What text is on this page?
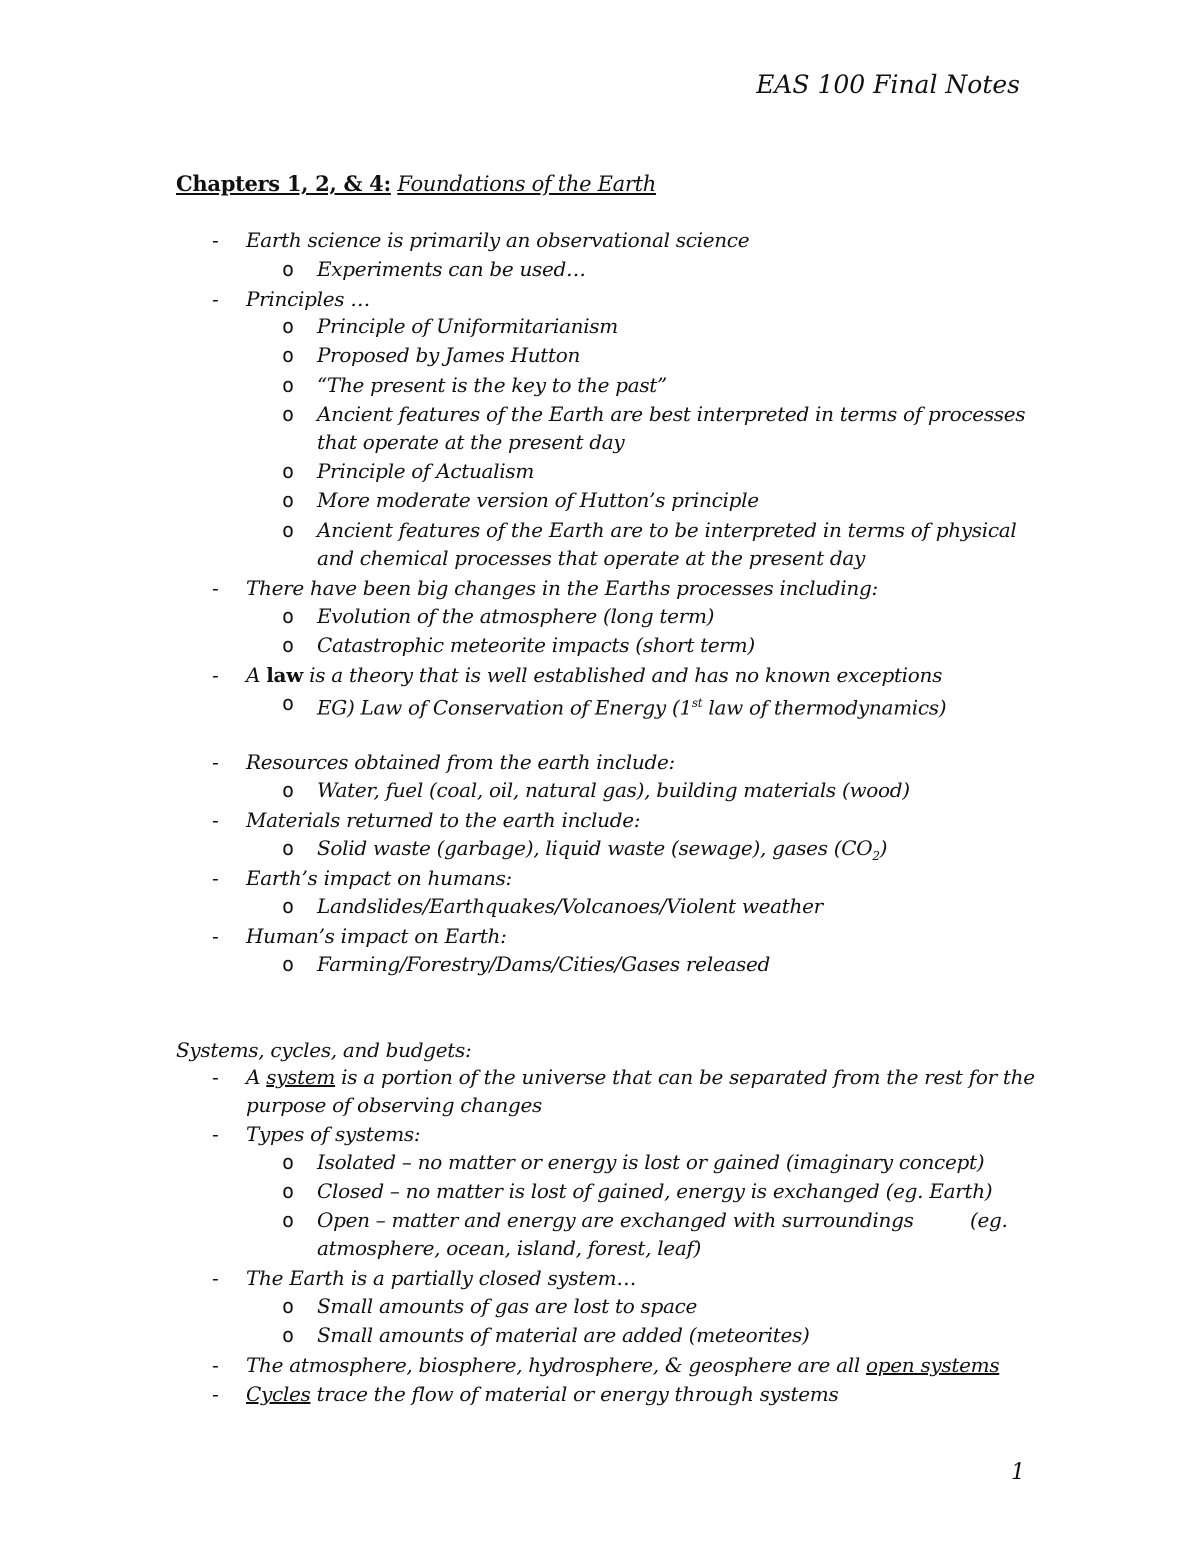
EAS 100 Final Notes
Chapters 1, 2, & 4: Foundations of the Earth
- Earth science is primarily an observational science
o Experiments can be used…
- Principles …
o Principle of Uniformitarianism
o Proposed by James Hutton
o “The present is the key to the past”
o Ancient features of the Earth are best interpreted in terms of processes
that operate at the present day
o Principle of Actualism
o More moderate version of Hutton’s principle
o Ancient features of the Earth are to be interpreted in terms of physical
and chemical processes that operate at the present day
- There have been big changes in the Earths processes including:
o Evolution of the atmosphere (long term)
o Catastrophic meteorite impacts (short term)
- A law is a theory that is well established and has no known exceptions
o EG) Law of Conservation of Energy (1st law of thermodynamics)
- Resources obtained from the earth include:
o Water, fuel (coal, oil, natural gas), building materials (wood)
- Materials returned to the earth include:
o Solid waste (garbage), liquid waste (sewage), gases $(CO_2)$
- Earth’s impact on humans:
o Landslides/Earthquakes/Volcanoes/Violent weather
- Human’s impact on Earth:
o Farming/Forestry/Dams/Cities/Gases released
Systems, cycles, and budgets:
- A system is a portion of the universe that can be separated from the rest for the
purpose of observing changes
- Types of systems:
o Isolated – no matter or energy is lost or gained (imaginary concept)
o Closed – no matter is lost of gained, energy is exchanged (eg. Earth)
o Open – matter and energy are exchanged with surroundings	(eg.
atmosphere, ocean, island, forest, leaf)
- The Earth is a partially closed system…
o Small amounts of gas are lost to space
o Small amounts of material are added (meteorites)
- The atmosphere, biosphere, hydrosphere, & geosphere are all open systems
- Cycles trace the flow of material or energy through systems
1
